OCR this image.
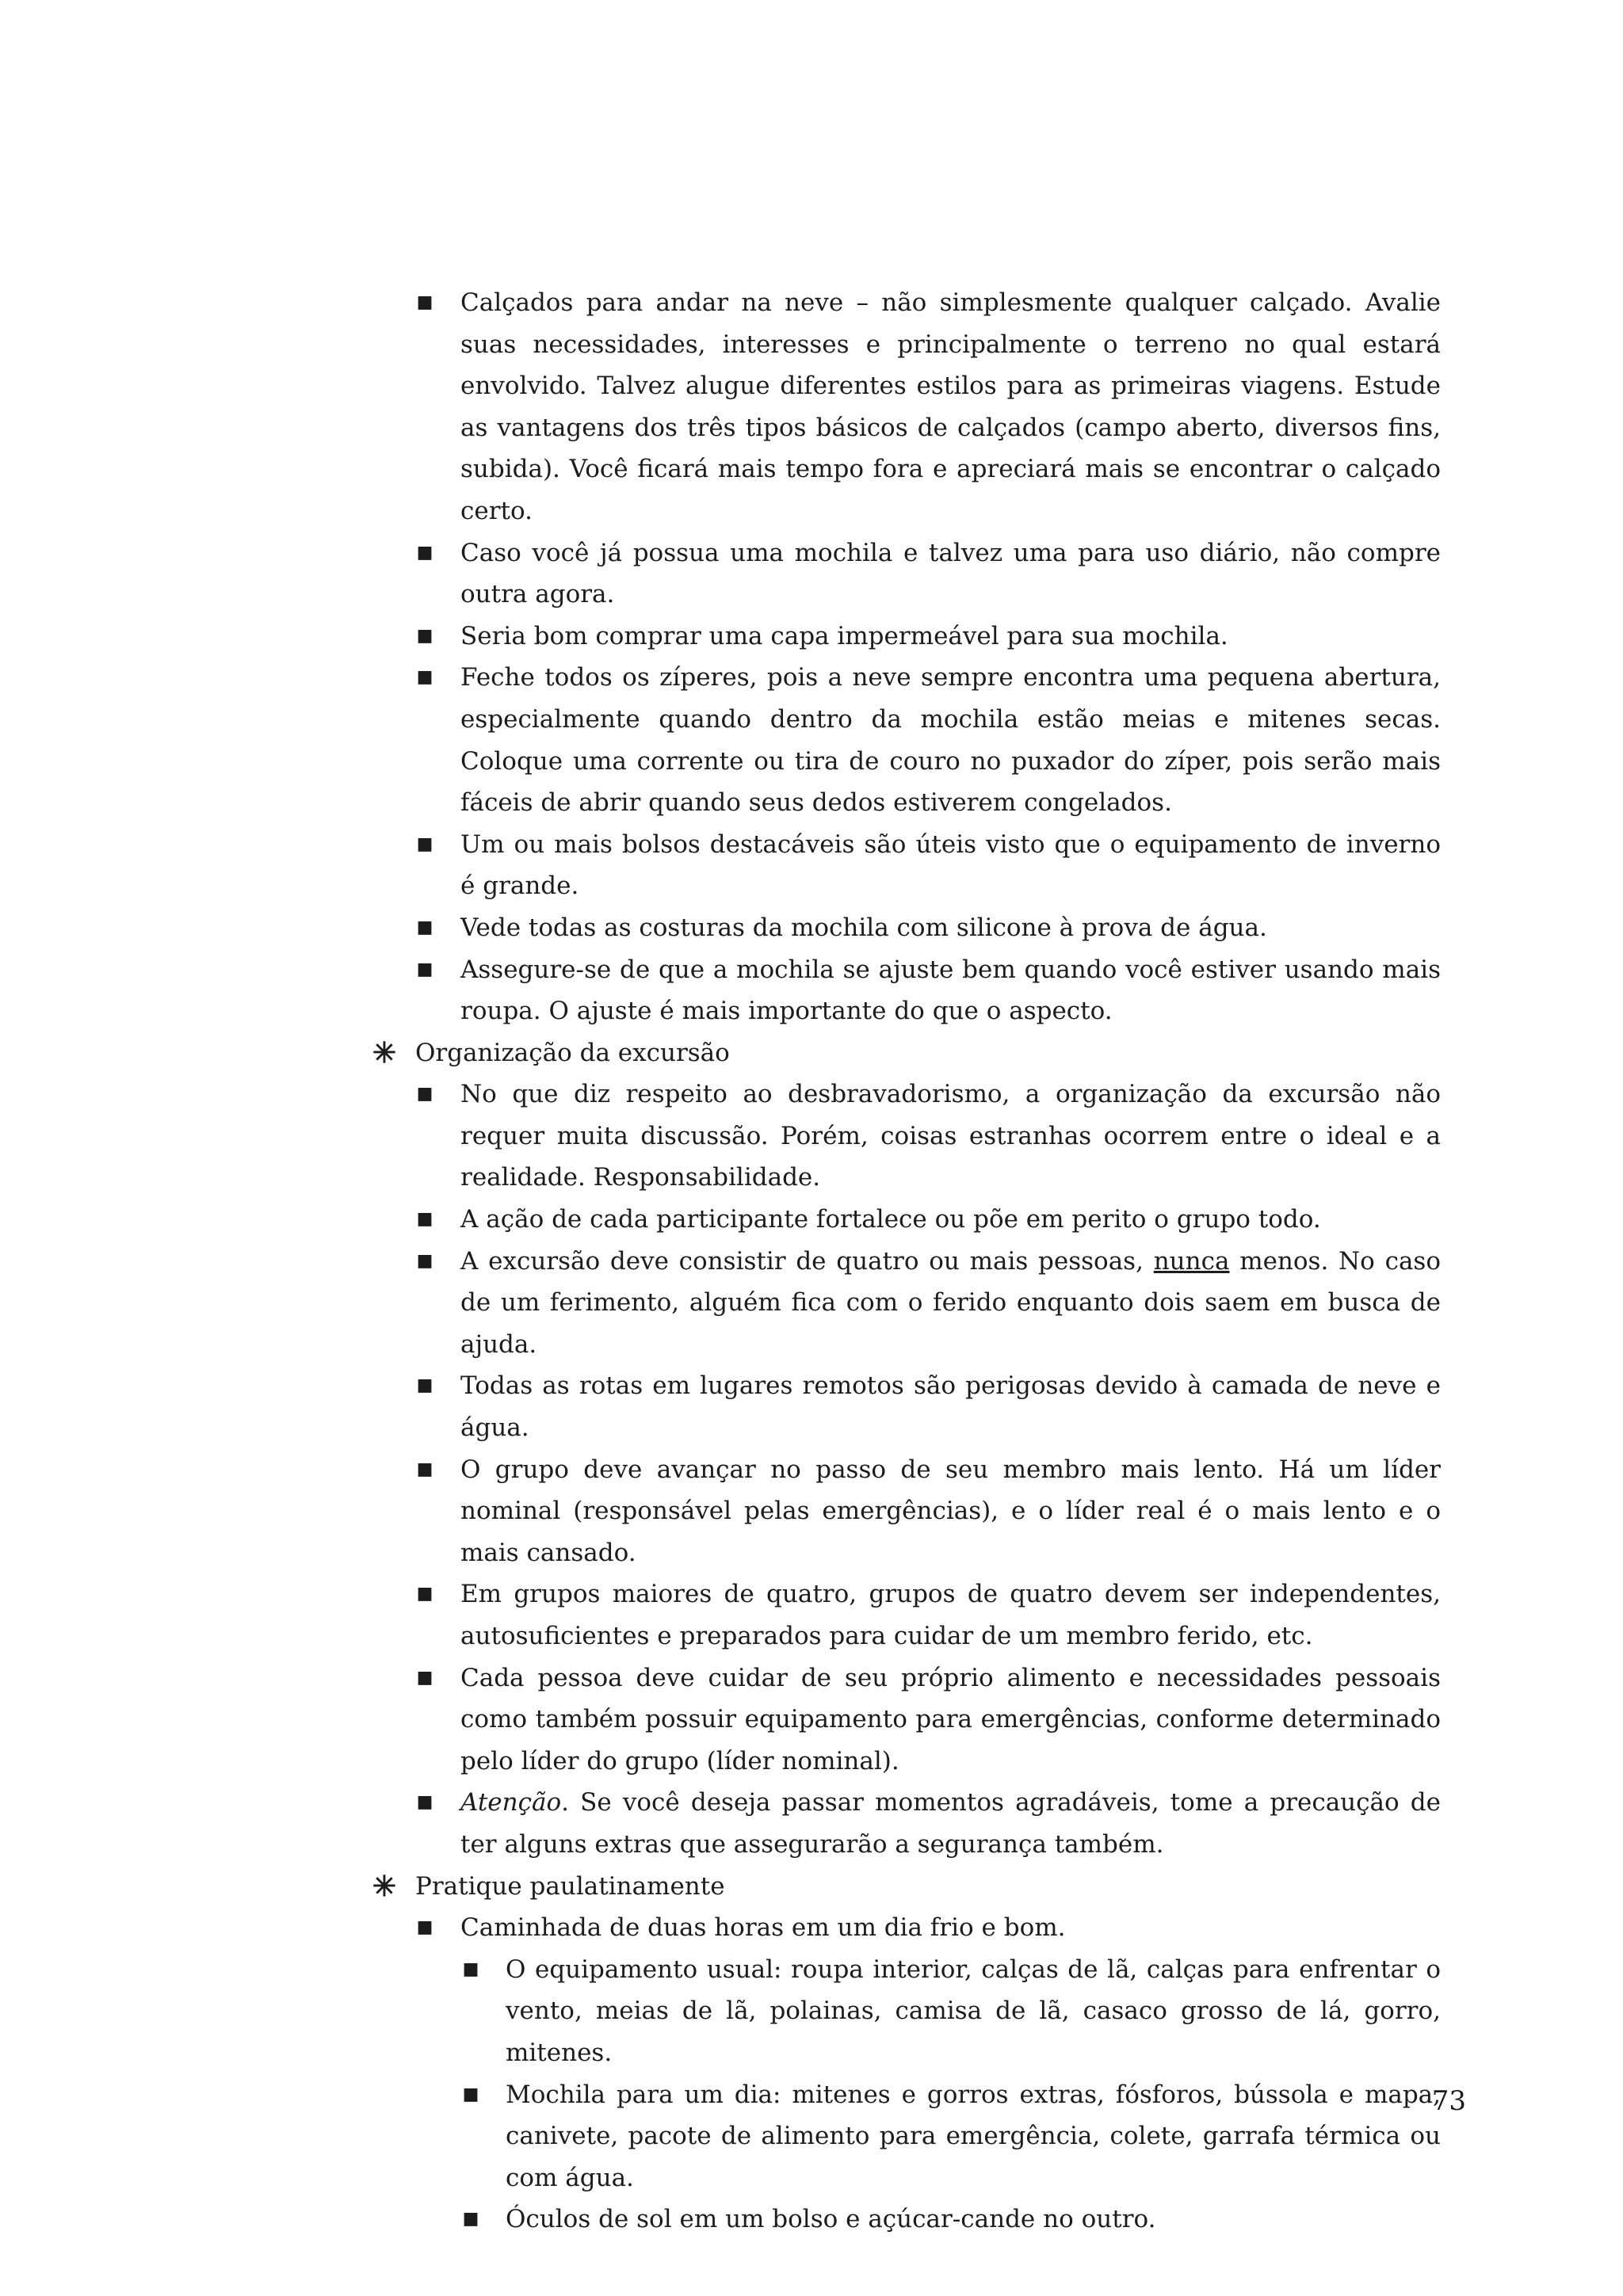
■ Calçados para andar na neve – não simplesmente qualquer calçado. Avalie suas necessidades, interesses e principalmente o terreno no qual estará envolvido. Talvez alugue diferentes estilos para as primeiras viagens. Estude as vantagens dos três tipos básicos de calçados (campo aberto, diversos fins, subida). Você ficará mais tempo fora e apreciará mais se encontrar o calçado certo.
■ Caso você já possua uma mochila e talvez uma para uso diário, não compre outra agora.
■ Seria bom comprar uma capa impermeável para sua mochila.
■ Feche todos os zíperes, pois a neve sempre encontra uma pequena abertura, especialmente quando dentro da mochila estão meias e mitenes secas. Coloque uma corrente ou tira de couro no puxador do zíper, pois serão mais fáceis de abrir quando seus dedos estiverem congelados.
■ Um ou mais bolsos destacáveis são úteis visto que o equipamento de inverno é grande.
■ Vede todas as costuras da mochila com silicone à prova de água.
■ Assegure-se de que a mochila se ajuste bem quando você estiver usando mais roupa. O ajuste é mais importante do que o aspecto.
✳ Organização da excursão
■ No que diz respeito ao desbravadorismo, a organização da excursão não requer muita discussão. Porém, coisas estranhas ocorrem entre o ideal e a realidade. Responsabilidade.
■ A ação de cada participante fortalece ou põe em perito o grupo todo.
■ A excursão deve consistir de quatro ou mais pessoas, nunca menos. No caso de um ferimento, alguém fica com o ferido enquanto dois saem em busca de ajuda.
■ Todas as rotas em lugares remotos são perigosas devido à camada de neve e água.
■ O grupo deve avançar no passo de seu membro mais lento. Há um líder nominal (responsável pelas emergências), e o líder real é o mais lento e o mais cansado.
■ Em grupos maiores de quatro, grupos de quatro devem ser independentes, autosuficientes e preparados para cuidar de um membro ferido, etc.
■ Cada pessoa deve cuidar de seu próprio alimento e necessidades pessoais como também possuir equipamento para emergências, conforme determinado pelo líder do grupo (líder nominal).
■ Atenção. Se você deseja passar momentos agradáveis, tome a precaução de ter alguns extras que assegurarão a segurança também.
✳ Pratique paulatinamente
■ Caminhada de duas horas em um dia frio e bom.
■ O equipamento usual: roupa interior, calças de lã, calças para enfrentar o vento, meias de lã, polainas, camisa de lã, casaco grosso de lá, gorro, mitenes.
■ Mochila para um dia: mitenes e gorros extras, fósforos, bússola e mapa, canivete, pacote de alimento para emergência, colete, garrafa térmica ou com água.
■ Óculos de sol em um bolso e açúcar-cande no outro.
73
